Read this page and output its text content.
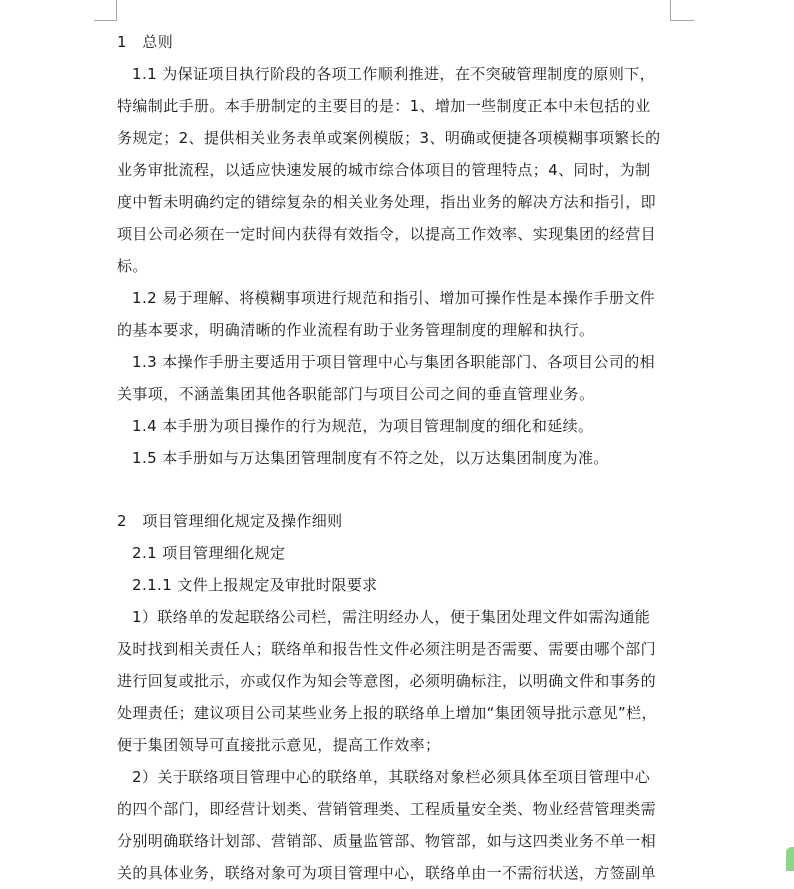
1　总则
1.1 为保证项目执行阶段的各项工作顺利推进，在不突破管理制度的原则下，
特编制此手册。本手册制定的主要目的是：1、增加一些制度正本中未包括的业
务规定；2、提供相关业务表单或案例模版；3、明确或便捷各项模糊事项繁长的
业务审批流程，以适应快速发展的城市综合体项目的管理特点；4、同时，为制
度中暂未明确约定的错综复杂的相关业务处理，指出业务的解决方法和指引，即
项目公司必须在一定时间内获得有效指令，以提高工作效率、实现集团的经营目
标。
1.2 易于理解、将模糊事项进行规范和指引、增加可操作性是本操作手册文件
的基本要求，明确清晰的作业流程有助于业务管理制度的理解和执行。
1.3 本操作手册主要适用于项目管理中心与集团各职能部门、各项目公司的相
关事项，不涵盖集团其他各职能部门与项目公司之间的垂直管理业务。
1.4 本手册为项目操作的行为规范，为项目管理制度的细化和延续。
1.5 本手册如与万达集团管理制度有不符之处，以万达集团制度为准。
2　项目管理细化规定及操作细则
2.1 项目管理细化规定
2.1.1 文件上报规定及审批时限要求
1）联络单的发起联络公司栏，需注明经办人，便于集团处理文件如需沟通能
及时找到相关责任人；联络单和报告性文件必须注明是否需要、需要由哪个部门
进行回复或批示，亦或仅作为知会等意图，必须明确标注，以明确文件和事务的
处理责任；建议项目公司某些业务上报的联络单上增加“集团领导批示意见”栏，
便于集团领导可直接批示意见，提高工作效率；
2）关于联络项目管理中心的联络单，其联络对象栏必须具体至项目管理中心
的四个部门，即经营计划类、营销管理类、工程质量安全类、物业经营管理类需
分别明确联络计划部、营销部、质量监管部、物管部，如与这四类业务不单一相
关的具体业务，联络对象可为项目管理中心，联络单由一不需衍状送，方签副单
